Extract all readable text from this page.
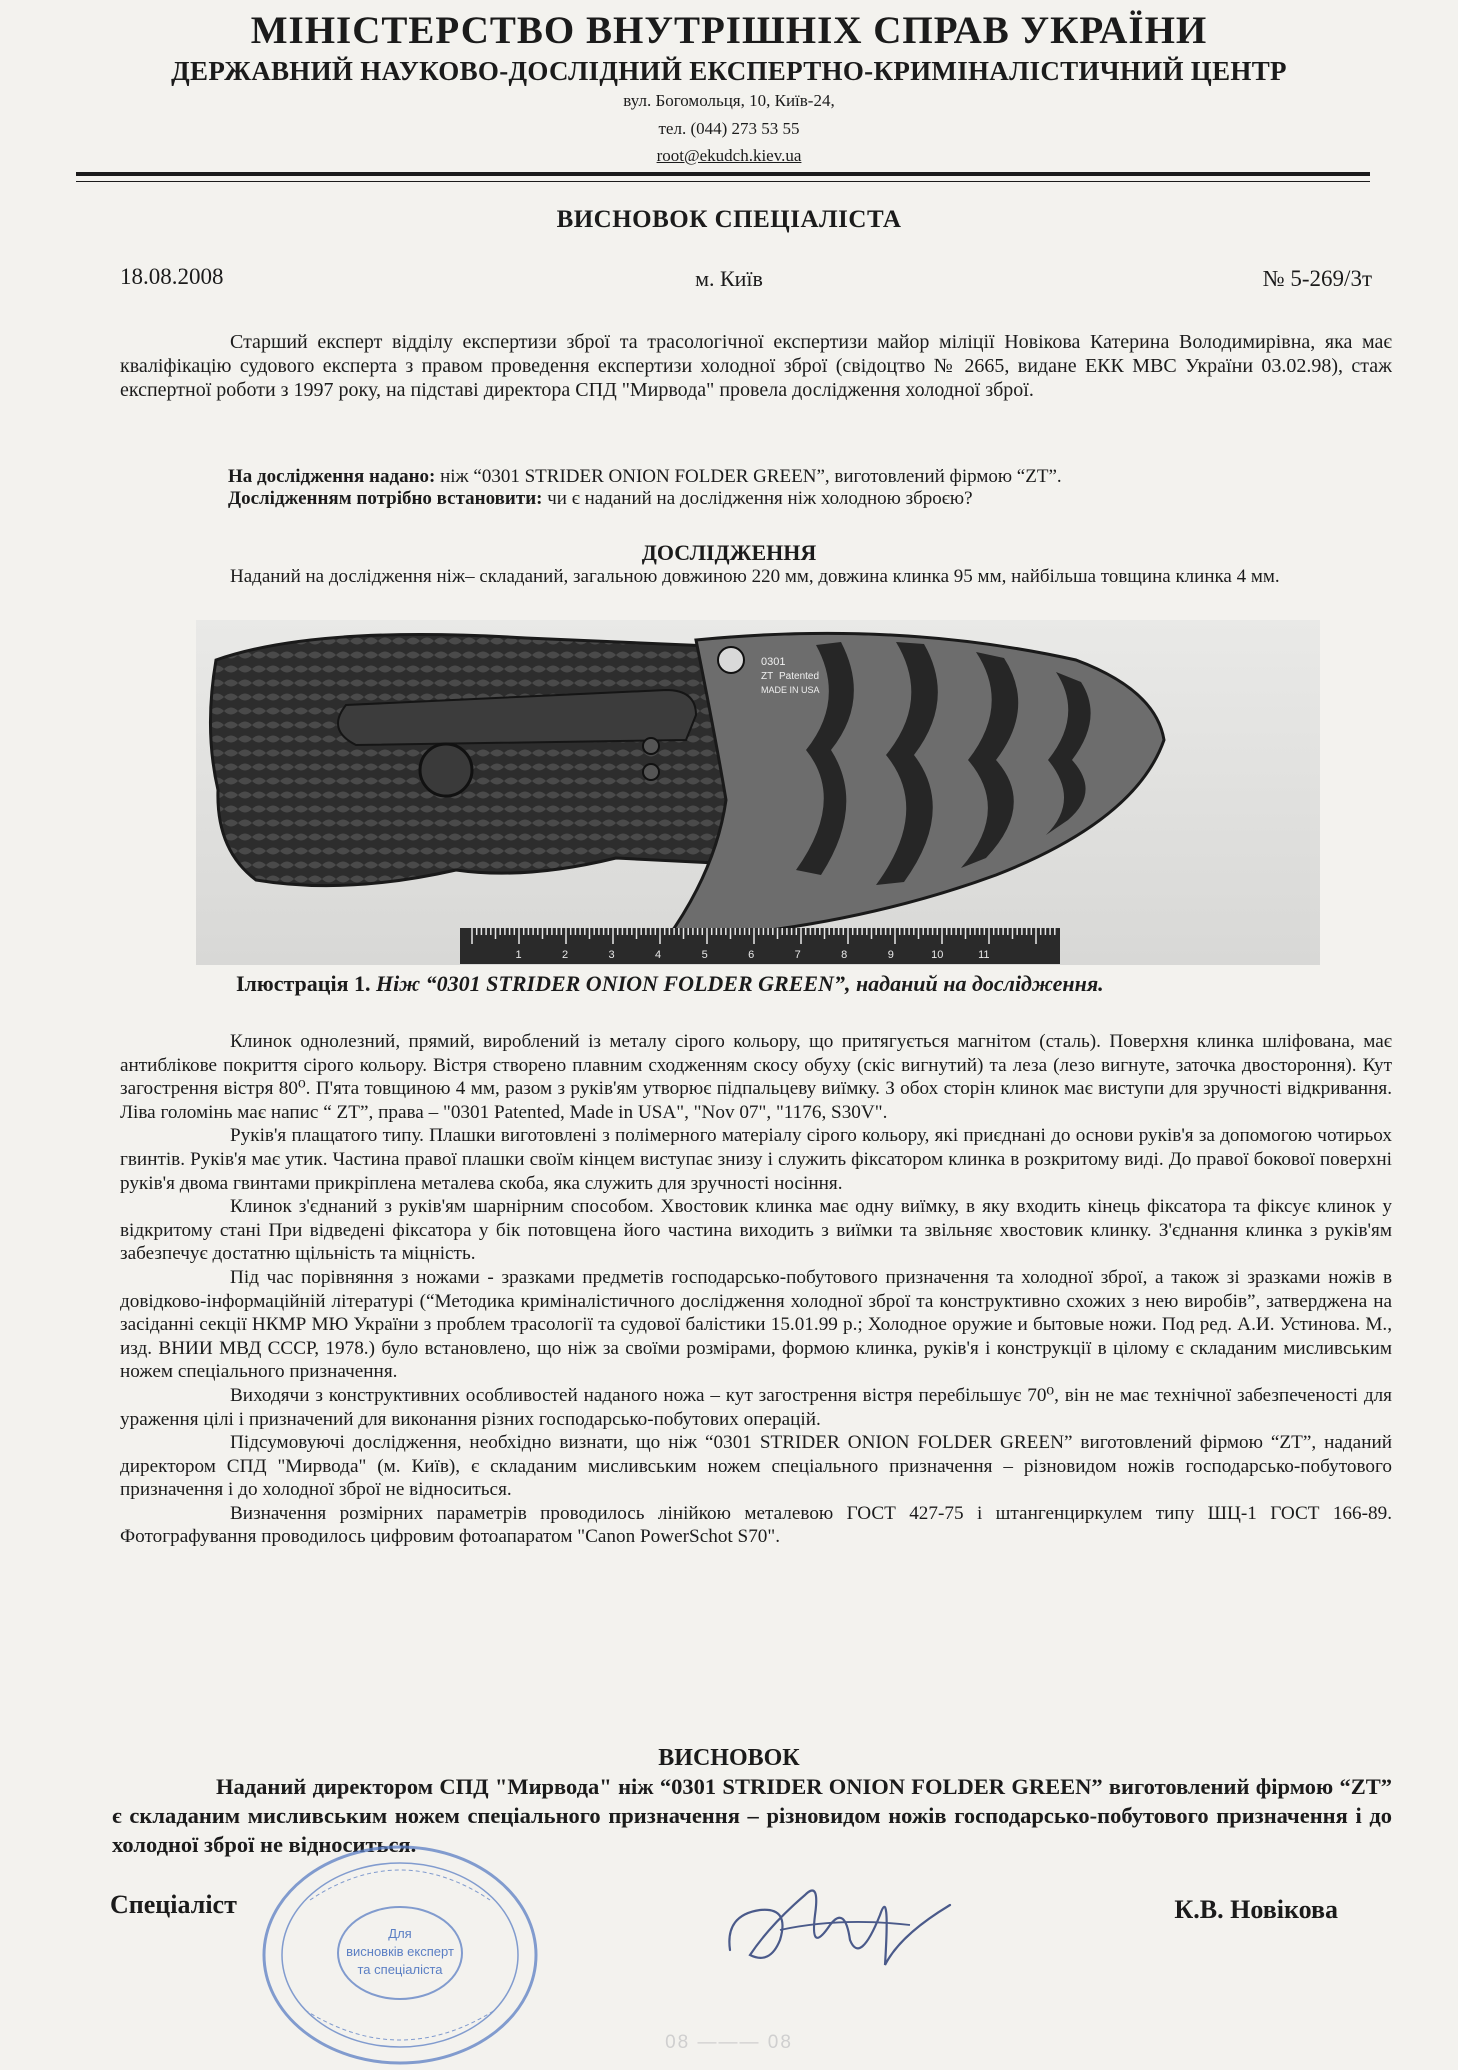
МІНІСТЕРСТВО ВНУТРІШНІХ СПРАВ УКРАЇНИ
ДЕРЖАВНИЙ НАУКОВО-ДОСЛІДНИЙ ЕКСПЕРТНО-КРИМІНАЛІСТИЧНИЙ ЦЕНТР
вул. Богомольця, 10, Київ-24,
тел. (044) 273 53 55
root@ekudch.kiev.ua
ВИСНОВОК СПЕЦІАЛІСТА
18.08.2008	м. Київ	№ 5-269/3т

Старший експерт відділу експертизи зброї та трасологічної експертизи майор міліції Новікова Катерина Володимирівна, яка має кваліфікацію судового експерта з правом проведення експертизи холодної зброї (свідоцтво № 2665, видане ЕКК МВС України 03.02.98), стаж експертної роботи з 1997 року, на підставі директора СПД "Мирвода" провела дослідження холодної зброї.

На дослідження надано: ніж “0301 STRIDER ONION FOLDER GREEN”, виготовлений фірмою “ZT”.
Дослідженням потрібно встановити: чи є наданий на дослідження ніж холодною зброєю?
ДОСЛІДЖЕННЯ

Наданий на дослідження ніж– складаний, загальною довжиною 220 мм, довжина клинка 95 мм, найбільша товщина клинка 4 мм.

0301
ZT Patented
MADE IN USA
1	2	3	4	5	6	7	8	9	10	11
Ілюстрація 1. Ніж “0301 STRIDER ONION FOLDER GREEN”, наданий на дослідження.

Клинок однолезний, прямий, вироблений із металу сірого кольору, що притягується магнітом (сталь). Поверхня клинка шліфована, має антиблікове покриття сірого кольору. Вістря створено плавним сходженням скосу обуху (скіс вигнутий) та леза (лезо вигнуте, заточка двостороння). Кут загострення вістря 80⁰. П'ята товщиною 4 мм, разом з руків'ям утворює підпальцеву виїмку. З обох сторін клинок має виступи для зручності відкривання. Ліва голомінь має напис “ ZT”, права – "0301 Patented, Made in USA", "Nov 07", "1176, S30V".

Руків'я плащатого типу. Плашки виготовлені з полімерного матеріалу сірого кольору, які приєднані до основи руків'я за допомогою чотирьох гвинтів. Руків'я має утик. Частина правої плашки своїм кінцем виступає знизу і служить фіксатором клинка в розкритому виді. До правої бокової поверхні руків'я двома гвинтами прикріплена металева скоба, яка служить для зручності носіння.

Клинок з'єднаний з руків'ям шарнірним способом. Хвостовик клинка має одну виїмку, в яку входить кінець фіксатора та фіксує клинок у відкритому стані При відведені фіксатора у бік потовщена його частина виходить з виїмки та звільняє хвостовик клинку. З'єднання клинка з руків'ям забезпечує достатню щільність та міцність.

Під час порівняння з ножами - зразками предметів господарсько-побутового призначення та холодної зброї, а також зі зразками ножів в довідково-інформаційній літературі (“Методика криміналістичного дослідження холодної зброї та конструктивно схожих з нею виробів”, затверджена на засіданні секції НКМР МЮ України з проблем трасології та судової балістики 15.01.99 р.; Холодное оружие и бытовые ножи. Под ред. А.И. Устинова. М., изд. ВНИИ МВД СССР, 1978.) було встановлено, що ніж за своїми розмірами, формою клинка, руків'я і конструкції в цілому є складаним мисливським ножем спеціального призначення.

Виходячи з конструктивних особливостей наданого ножа – кут загострення вістря перебільшує 70⁰, він не має технічної забезпеченості для ураження цілі і призначений для виконання різних господарсько-побутових операцій.

Підсумовуючі дослідження, необхідно визнати, що ніж “0301 STRIDER ONION FOLDER GREEN” виготовлений фірмою “ZT”, наданий директором СПД "Мирвода" (м. Київ), є складаним мисливським ножем спеціального призначення – різновидом ножів господарсько-побутового призначення і до холодної зброї не відноситься.

Визначення розмірних параметрів проводилось лінійкою металевою ГОСТ 427-75 і штангенциркулем типу ШЦ-1 ГОСТ 166-89. Фотографування проводилось цифровим фотоапаратом "Canon PowerSchot S70".

ВИСНОВОК

Наданий директором СПД "Мирвода" ніж “0301 STRIDER ONION FOLDER GREEN” виготовлений фірмою “ZT” є складаним мисливським ножем спеціального призначення – різновидом ножів господарсько-побутового призначення і до холодної зброї не відноситься.

Для
висновків експерт
та спеціаліста
Спеціаліст	К.В. Новікова
08 ——— 08
